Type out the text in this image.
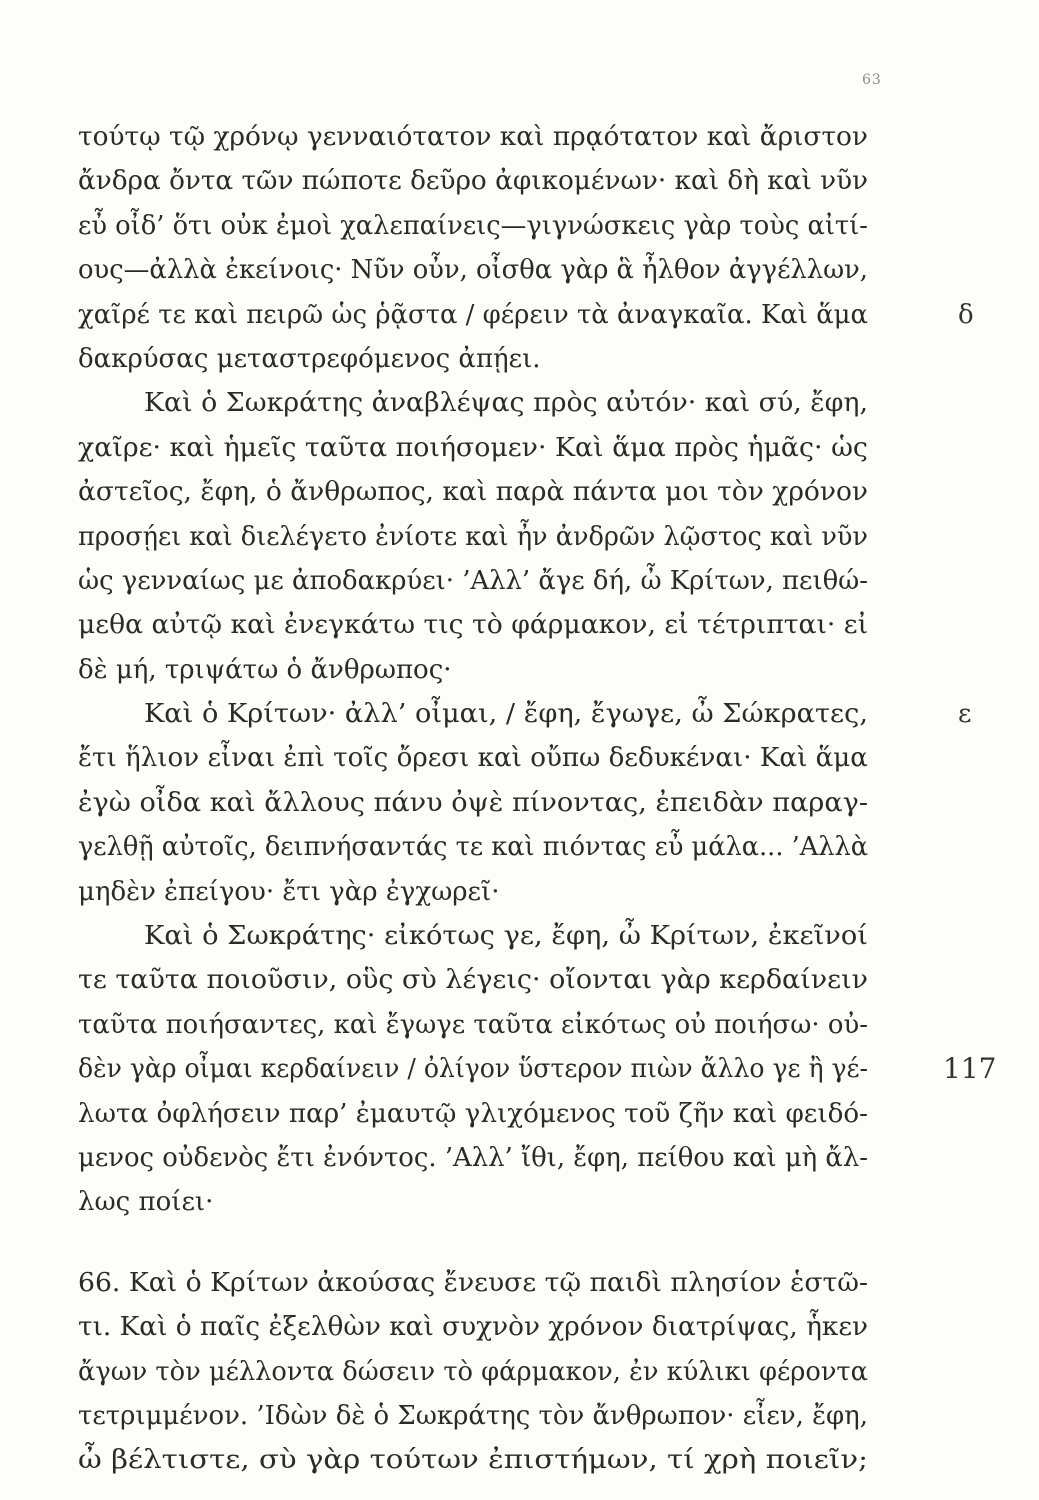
63
τούτῳ τῷ χρόνῳ γενναιότατον καὶ πρᾳότατον καὶ ἄριστον
ἄνδρα ὄντα τῶν πώποτε δεῦρο ἀφικομένων· καὶ δὴ καὶ νῦν
εὖ οἶδ’ ὅτι οὐκ ἐμοὶ χαλεπαίνεις—γιγνώσκεις γὰρ τοὺς αἰτί-
ους—ἀλλὰ ἐκείνοις· Νῦν οὖν, οἶσθα γὰρ ἃ ἦλθον ἀγγέλλων,
χαῖρέ τε καὶ πειρῶ ὡς ῥᾷστα / φέρειν τὰ ἀναγκαῖα. Καὶ ἅμα	δ
δακρύσας μεταστρεφόμενος ἀπῄει.
Καὶ ὁ Σωκράτης ἀναβλέψας πρὸς αὐτόν· καὶ σύ, ἔφη,
χαῖρε· καὶ ἡμεῖς ταῦτα ποιήσομεν· Καὶ ἅμα πρὸς ἡμᾶς· ὡς
ἀστεῖος, ἔφη, ὁ ἄνθρωπος, καὶ παρὰ πάντα μοι τὸν χρόνον
προσῄει καὶ διελέγετο ἐνίοτε καὶ ἦν ἀνδρῶν λῷστος καὶ νῦν
ὡς γενναίως με ἀποδακρύει· ’Αλλ’ ἄγε δή, ὦ Κρίτων, πειθώ-
μεθα αὐτῷ καὶ ἐνεγκάτω τις τὸ φάρμακον, εἰ τέτριπται· εἰ
δὲ μή, τριψάτω ὁ ἄνθρωπος·
Καὶ ὁ Κρίτων· ἀλλ’ οἶμαι, / ἔφη, ἔγωγε, ὦ Σώκρατες,	ε
ἔτι ἥλιον εἶναι ἐπὶ τοῖς ὄρεσι καὶ οὔπω δεδυκέναι· Καὶ ἅμα
ἐγὼ οἶδα καὶ ἄλλους πάνυ ὀψὲ πίνοντας, ἐπειδὰν παραγ-
γελθῇ αὐτοῖς, δειπνήσαντάς τε καὶ πιόντας εὖ μάλα... ’Αλλὰ
μηδὲν ἐπείγου· ἔτι γὰρ ἐγχωρεῖ·
Καὶ ὁ Σωκράτης· εἰκότως γε, ἔφη, ὦ Κρίτων, ἐκεῖνοί
τε ταῦτα ποιοῦσιν, οὓς σὺ λέγεις· οἴονται γὰρ κερδαίνειν
ταῦτα ποιήσαντες, καὶ ἔγωγε ταῦτα εἰκότως οὐ ποιήσω· οὐ-
δὲν γὰρ οἶμαι κερδαίνειν / ὀλίγον ὕστερον πιὼν ἄλλο γε ἢ γέ-	117
λωτα ὀφλήσειν παρ’ ἐμαυτῷ γλιχόμενος τοῦ ζῆν καὶ φειδό-
μενος οὐδενὸς ἔτι ἐνόντος. ’Αλλ’ ἴθι, ἔφη, πείθου καὶ μὴ ἄλ-
λως ποίει·
66. Καὶ ὁ Κρίτων ἀκούσας ἔνευσε τῷ παιδὶ πλησίον ἑστῶ-
τι. Καὶ ὁ παῖς ἐξελθὼν καὶ συχνὸν χρόνον διατρίψας, ἧκεν
ἄγων τὸν μέλλοντα δώσειν τὸ φάρμακον, ἐν κύλικι φέροντα
τετριμμένον. ’Ιδὼν δὲ ὁ Σωκράτης τὸν ἄνθρωπον· εἶεν, ἔφη,
ὦ βέλτιστε, σὺ γὰρ τούτων ἐπιστήμων, τί χρὴ ποιεῖν;
